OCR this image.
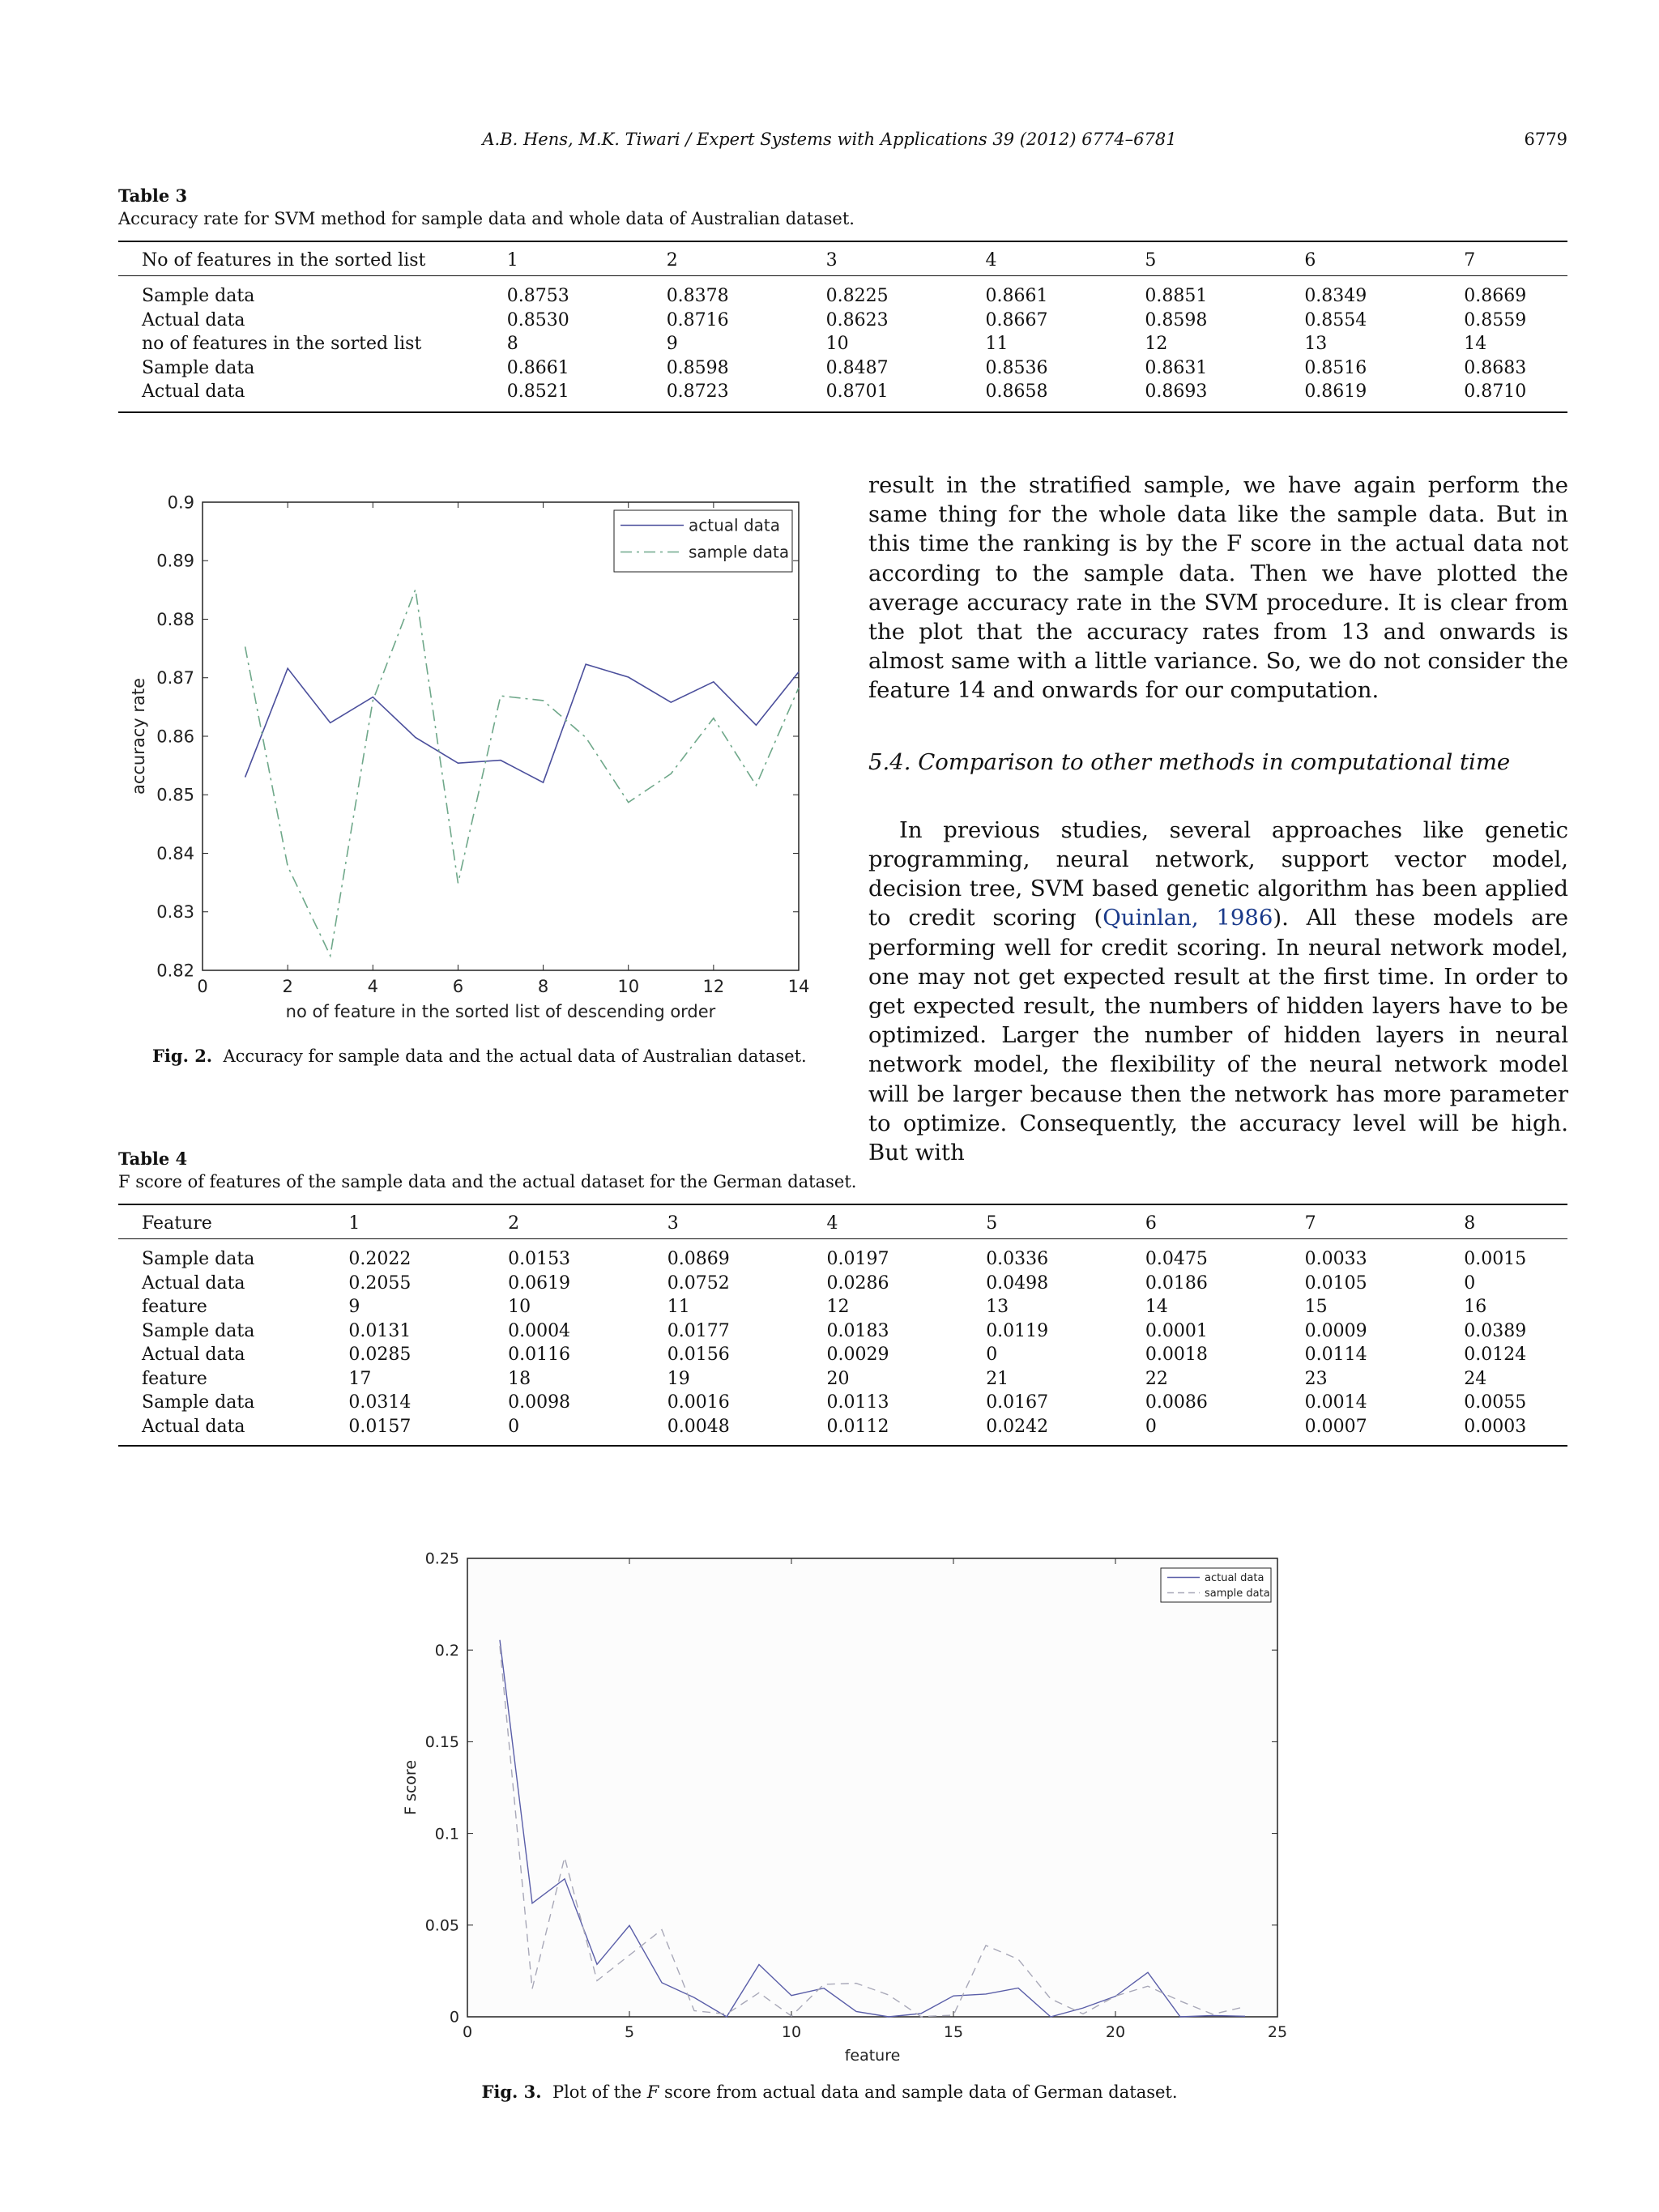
A.B. Hens, M.K. Tiwari / Expert Systems with Applications 39 (2012) 6774–6781	6779
Table 3
Accuracy rate for SVM method for sample data and whole data of Australian dataset.
No of features in the sorted list	1	2	3	4	5	6	7
Sample data	0.8753	0.8378	0.8225	0.8661	0.8851	0.8349	0.8669
Actual data	0.8530	0.8716	0.8623	0.8667	0.8598	0.8554	0.8559
no of features in the sorted list	8	9	10	11	12	13	14
Sample data	0.8661	0.8598	0.8487	0.8536	0.8631	0.8516	0.8683
Actual data	0.8521	0.8723	0.8701	0.8658	0.8693	0.8619	0.8710
0	2	4	6	8	10	12	14
0.82
0.83
0.84
0.85
0.86
0.87
0.88
0.89
0.9
no of feature in the sorted list of descending order
accuracy rate
actual data
sample data
Fig. 2. Accuracy for sample data and the actual data of Australian dataset.

result in the stratified sample, we have again perform the same thing for the whole data like the sample data. But in this time the ranking is by the F score in the actual data not according to the sample data. Then we have plotted the average accuracy rate in the SVM procedure. It is clear from the plot that the accuracy rates from 13 and onwards is almost same with a little variance. So, we do not consider the feature 14 and onwards for our computation.

5.4. Comparison to other methods in computational time

In previous studies, several approaches like genetic programming, neural network, support vector model, decision tree, SVM based genetic algorithm has been applied to credit scoring (Quinlan, 1986). All these models are performing well for credit scoring. In neural network model, one may not get expected result at the first time. In order to get expected result, the numbers of hidden layers have to be optimized. Larger the number of hidden layers in neural network model, the flexibility of the neural network model will be larger because then the network has more parameter to optimize. Consequently, the accuracy level will be high. But with

Table 4
F score of features of the sample data and the actual dataset for the German dataset.
Feature	1	2	3	4	5	6	7	8
Sample data	0.2022	0.0153	0.0869	0.0197	0.0336	0.0475	0.0033	0.0015
Actual data	0.2055	0.0619	0.0752	0.0286	0.0498	0.0186	0.0105	0
feature	9	10	11	12	13	14	15	16
Sample data	0.0131	0.0004	0.0177	0.0183	0.0119	0.0001	0.0009	0.0389
Actual data	0.0285	0.0116	0.0156	0.0029	0	0.0018	0.0114	0.0124
feature	17	18	19	20	21	22	23	24
Sample data	0.0314	0.0098	0.0016	0.0113	0.0167	0.0086	0.0014	0.0055
Actual data	0.0157	0	0.0048	0.0112	0.0242	0	0.0007	0.0003
0	5	10	15	20	25
0
0.05
0.1
0.15
0.2
0.25
feature
F score
actual data
sample data
Fig. 3. Plot of the F score from actual data and sample data of German dataset.
